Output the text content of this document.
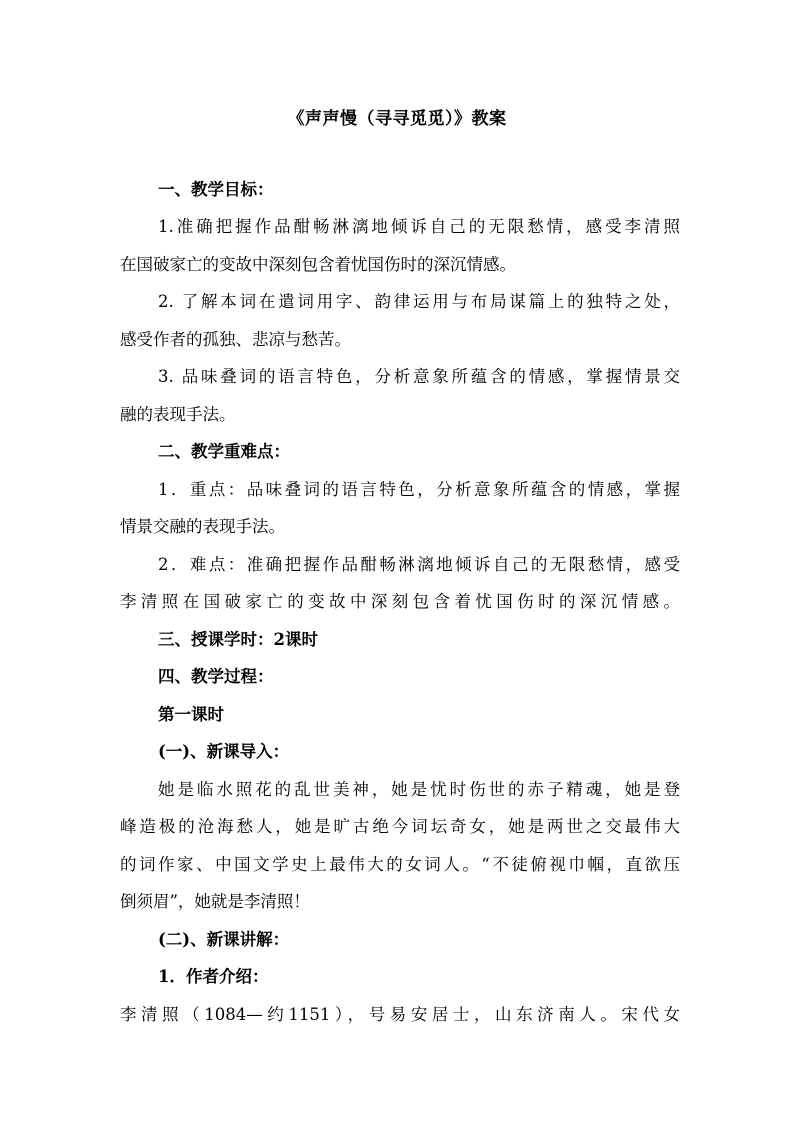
《声声慢（寻寻觅觅）》教案
一、教学目标：
1.准确把握作品酣畅淋漓地倾诉自己的无限愁情，感受李清照
在国破家亡的变故中深刻包含着忧国伤时的深沉情感。
2. 了解本词在遣词用字、韵律运用与布局谋篇上的独特之处，
感受作者的孤独、悲凉与愁苦。
3. 品味叠词的语言特色，分析意象所蕴含的情感，掌握情景交
融的表现手法。
二、教学重难点：
1．重点：品味叠词的语言特色，分析意象所蕴含的情感，掌握
情景交融的表现手法。
2．难点：准确把握作品酣畅淋漓地倾诉自己的无限愁情，感受
李清照在国破家亡的变故中深刻包含着忧国伤时的深沉情感。
三、授课学时：2课时
四、教学过程：
第一课时
(一)、新课导入：
她是临水照花的乱世美神，她是忧时伤世的赤子精魂，她是登
峰造极的沧海愁人，她是旷古绝今词坛奇女，她是两世之交最伟大
的词作家、中国文学史上最伟大的女词人。“不徒俯视巾帼，直欲压
倒须眉”，她就是李清照！
(二)、新课讲解：
1．作者介绍：
李清照（1084—约1151），号易安居士，山东济南人。宋代女
